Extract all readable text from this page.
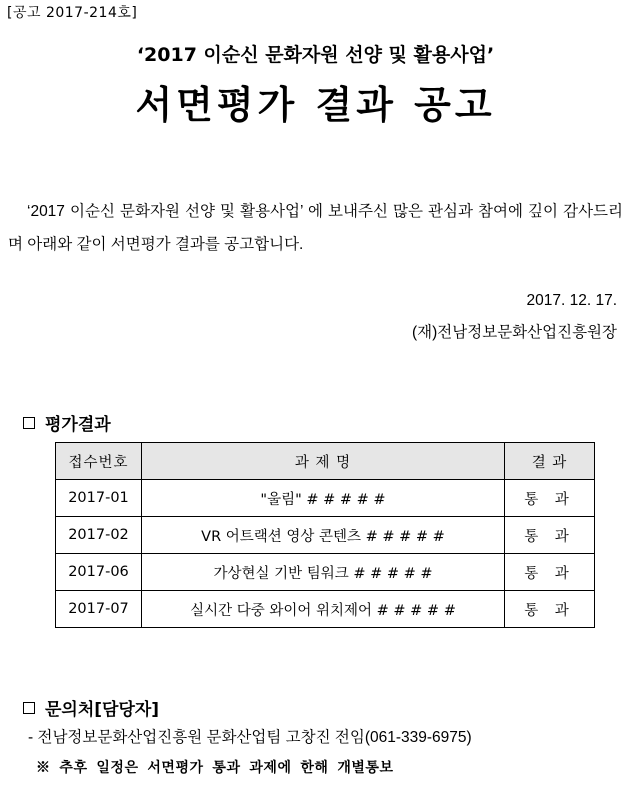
[공고 2017-214호]
‘2017 이순신 문화자원 선양 및 활용사업’
서면평가 결과 공고
‘2017 이순신 문화자원 선양 및 활용사업’ 에 보내주신 많은 관심과 참여에 깊이 감사드리며 아래와 같이 서면평가 결과를 공고합니다.
2017. 12. 17.
(재)전남정보문화산업진흥원장
평가결과
접수번호	과 제 명	결 과
2017-01	"울림" # # # # #	통 과
2017-02	VR 어트랙션 영상 콘텐츠 # # # # #	통 과
2017-06	가상현실 기반 팀워크 # # # # #	통 과
2017-07	실시간 다중 와이어 위치제어 # # # # #	통 과
문의처[담당자]
- 전남정보문화산업진흥원 문화산업팀 고창진 전임(061-339-6975)
※ 추후 일정은 서면평가 통과 과제에 한해 개별통보
